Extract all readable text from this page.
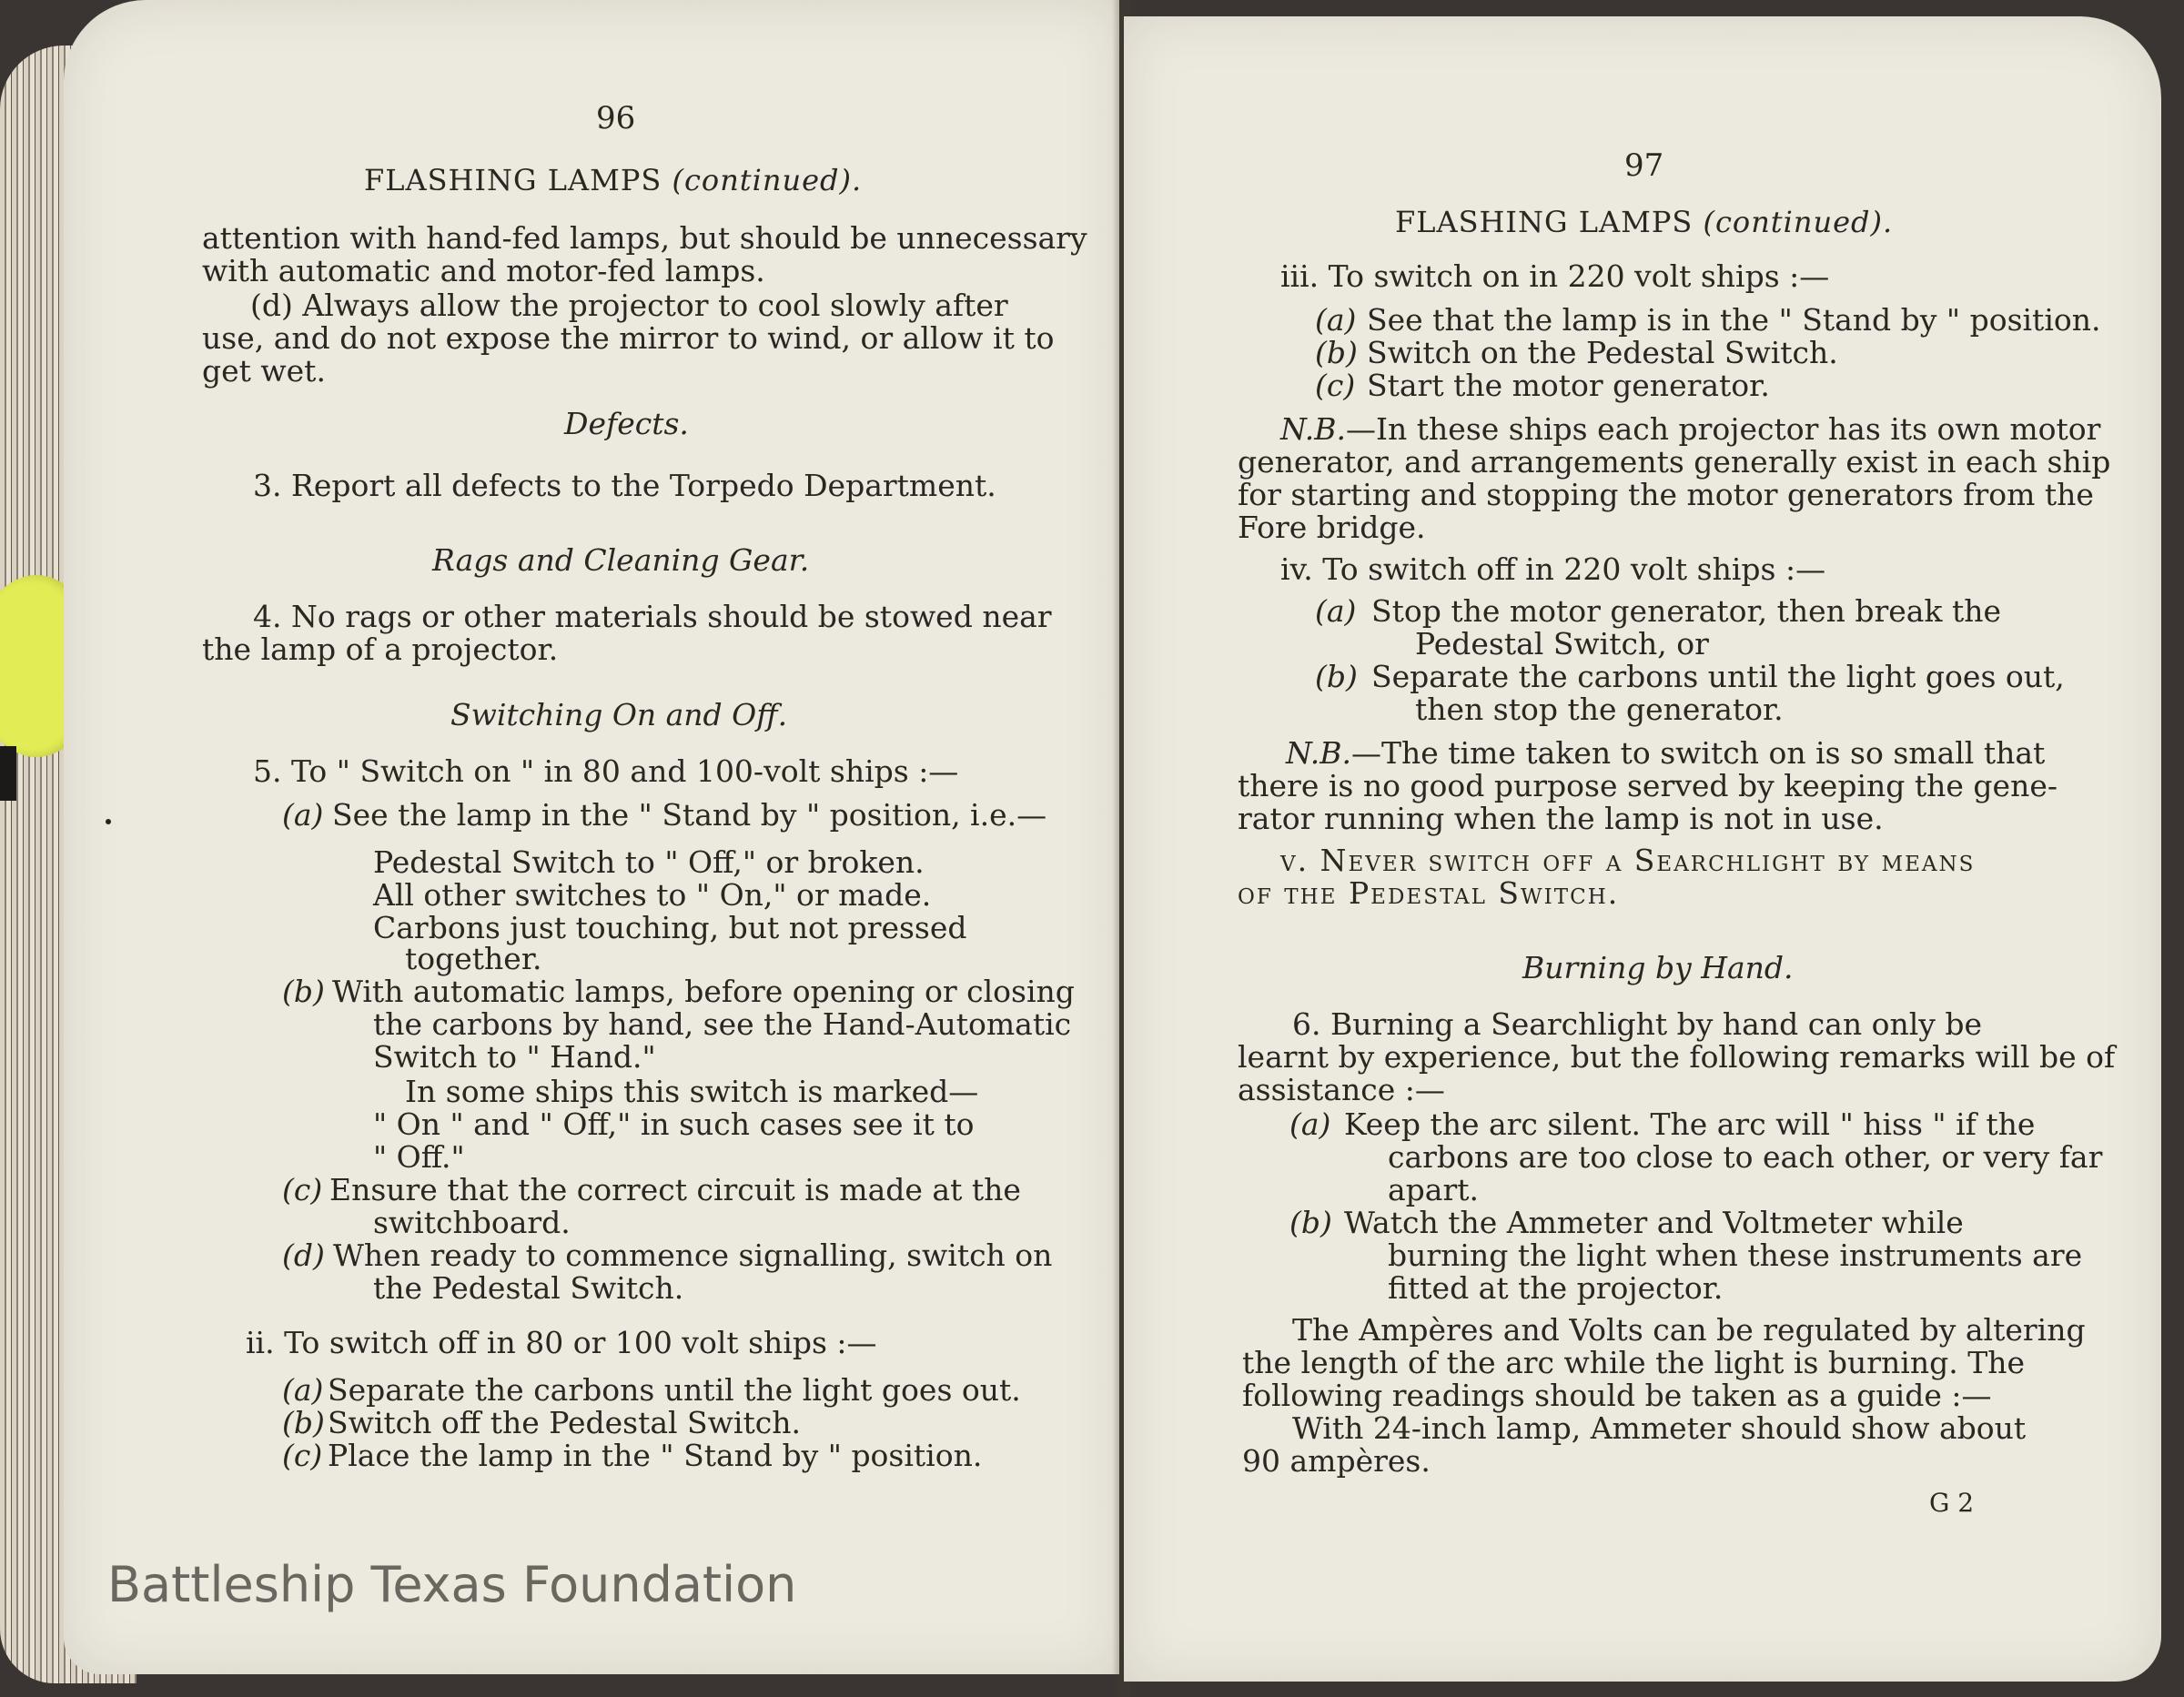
96
FLASHING LAMPS (continued).
attention with hand-fed lamps, but should be unnecessary
with automatic and motor-fed lamps.
(d) Always allow the projector to cool slowly after
use, and do not expose the mirror to wind, or allow it to
get wet.
Defects.
3. Report all defects to the Torpedo Department.
Rags and Cleaning Gear.
4. No rags or other materials should be stowed near
the lamp of a projector.
Switching On and Off.
5. To " Switch on " in 80 and 100-volt ships :—
(a) See the lamp in the " Stand by " position, i.e.—
Pedestal Switch to " Off," or broken.
All other switches to " On," or made.
Carbons just touching, but not pressed
together.
(b) With automatic lamps, before opening or closing
the carbons by hand, see the Hand-Automatic
Switch to " Hand."
In some ships this switch is marked—
" On " and " Off," in such cases see it to
" Off."
(c) Ensure that the correct circuit is made at the
switchboard.
(d) When ready to commence signalling, switch on
the Pedestal Switch.
ii. To switch off in 80 or 100 volt ships :—
(a) Separate the carbons until the light goes out.
(b) Switch off the Pedestal Switch.
(c) Place the lamp in the " Stand by " position.
97
FLASHING LAMPS (continued).
iii. To switch on in 220 volt ships :—
(a) See that the lamp is in the " Stand by " position.
(b) Switch on the Pedestal Switch.
(c) Start the motor generator.
N.B.—In these ships each projector has its own motor
generator, and arrangements generally exist in each ship
for starting and stopping the motor generators from the
Fore bridge.
iv. To switch off in 220 volt ships :—
(a) Stop the motor generator, then break the
Pedestal Switch, or
(b) Separate the carbons until the light goes out,
then stop the generator.
N.B.—The time taken to switch on is so small that
there is no good purpose served by keeping the gene-
rator running when the lamp is not in use.
v. Never switch off a Searchlight by means
of the Pedestal Switch.
Burning by Hand.
6. Burning a Searchlight by hand can only be
learnt by experience, but the following remarks will be of
assistance :—
(a) Keep the arc silent. The arc will " hiss " if the
carbons are too close to each other, or very far
apart.
(b) Watch the Ammeter and Voltmeter while
burning the light when these instruments are
fitted at the projector.
The Ampères and Volts can be regulated by altering
the length of the arc while the light is burning. The
following readings should be taken as a guide :—
With 24-inch lamp, Ammeter should show about
90 ampères.
G 2
Battleship Texas Foundation
